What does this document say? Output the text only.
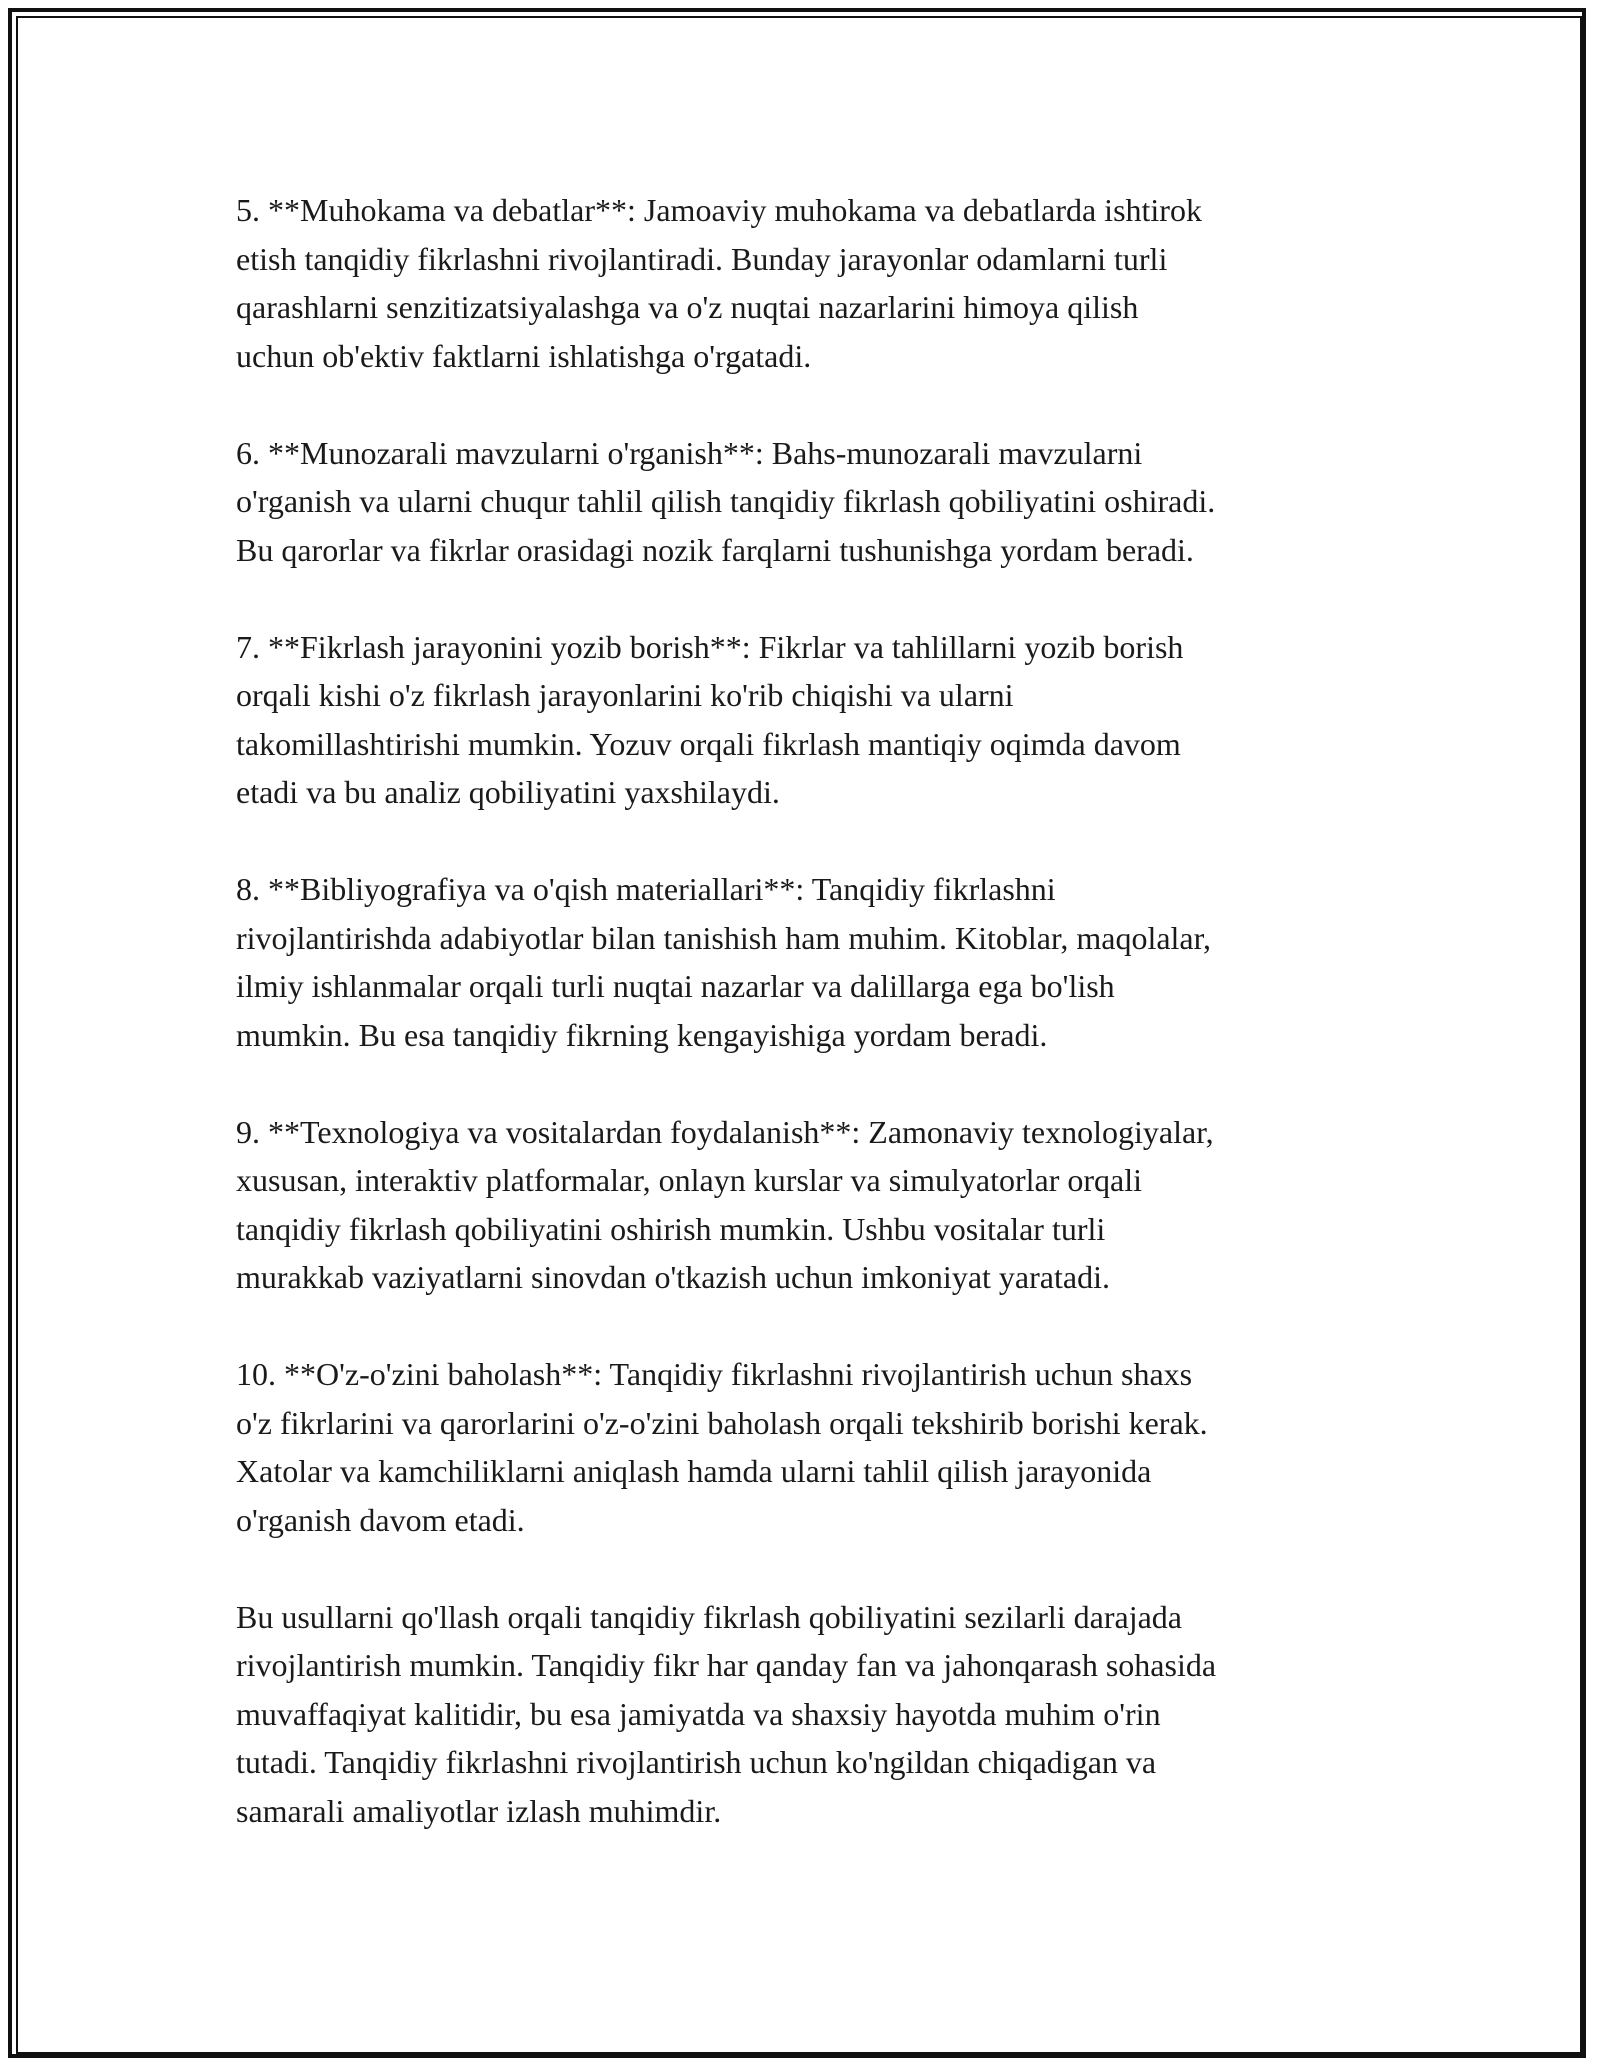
5. **Muhokama va debatlar**: Jamoaviy muhokama va debatlarda ishtirok
etish tanqidiy fikrlashni rivojlantiradi. Bunday jarayonlar odamlarni turli
qarashlarni senzitizatsiyalashga va o'z nuqtai nazarlarini himoya qilish
uchun ob'ektiv faktlarni ishlatishga o'rgatadi.

6. **Munozarali mavzularni o'rganish**: Bahs-munozarali mavzularni
o'rganish va ularni chuqur tahlil qilish tanqidiy fikrlash qobiliyatini oshiradi.
Bu qarorlar va fikrlar orasidagi nozik farqlarni tushunishga yordam beradi.

7. **Fikrlash jarayonini yozib borish**: Fikrlar va tahlillarni yozib borish
orqali kishi o'z fikrlash jarayonlarini ko'rib chiqishi va ularni
takomillashtirishi mumkin. Yozuv orqali fikrlash mantiqiy oqimda davom
etadi va bu analiz qobiliyatini yaxshilaydi.

8. **Bibliyografiya va o'qish materiallari**: Tanqidiy fikrlashni
rivojlantirishda adabiyotlar bilan tanishish ham muhim. Kitoblar, maqolalar,
ilmiy ishlanmalar orqali turli nuqtai nazarlar va dalillarga ega bo'lish
mumkin. Bu esa tanqidiy fikrning kengayishiga yordam beradi.

9. **Texnologiya va vositalardan foydalanish**: Zamonaviy texnologiyalar,
xususan, interaktiv platformalar, onlayn kurslar va simulyatorlar orqali
tanqidiy fikrlash qobiliyatini oshirish mumkin. Ushbu vositalar turli
murakkab vaziyatlarni sinovdan o'tkazish uchun imkoniyat yaratadi.

10. **O'z-o'zini baholash**: Tanqidiy fikrlashni rivojlantirish uchun shaxs
o'z fikrlarini va qarorlarini o'z-o'zini baholash orqali tekshirib borishi kerak.
Xatolar va kamchiliklarni aniqlash hamda ularni tahlil qilish jarayonida
o'rganish davom etadi.

Bu usullarni qo'llash orqali tanqidiy fikrlash qobiliyatini sezilarli darajada
rivojlantirish mumkin. Tanqidiy fikr har qanday fan va jahonqarash sohasida
muvaffaqiyat kalitidir, bu esa jamiyatda va shaxsiy hayotda muhim o'rin
tutadi. Tanqidiy fikrlashni rivojlantirish uchun ko'ngildan chiqadigan va
samarali amaliyotlar izlash muhimdir.
